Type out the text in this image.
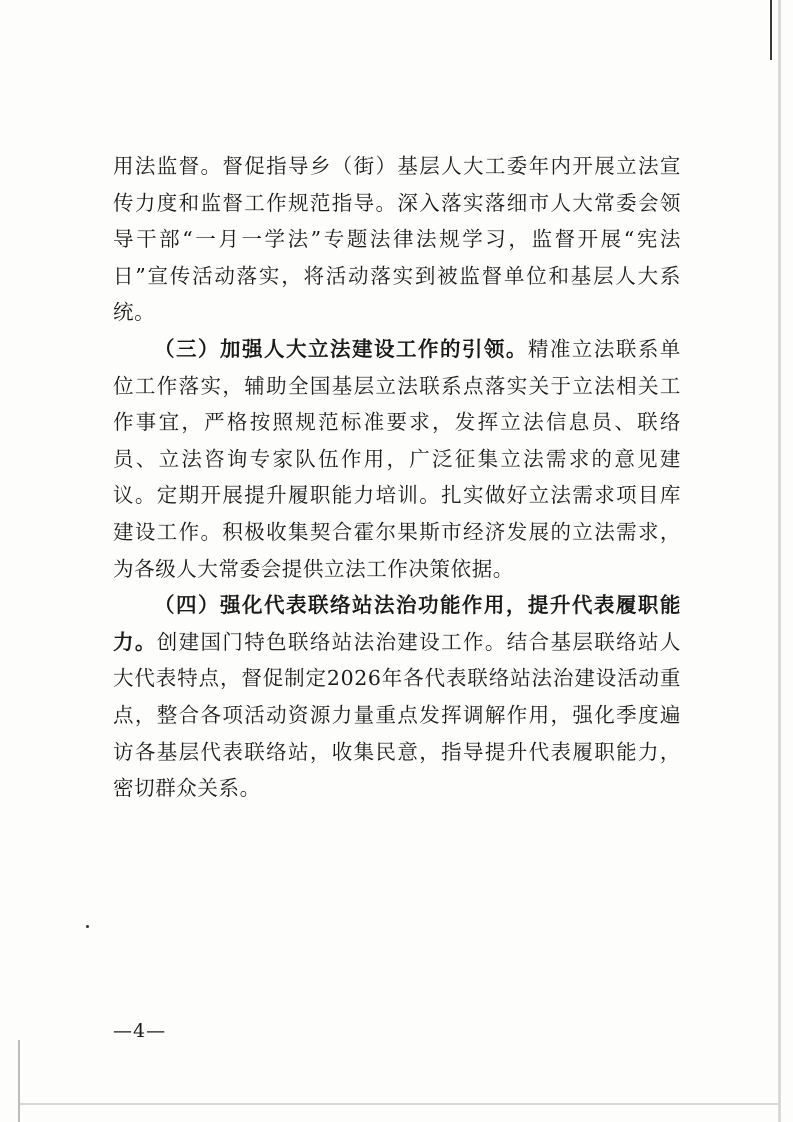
用法监督。督促指导乡（街）基层人大工委年内开展立法宣传力度和监督工作规范指导。深入落实落细市人大常委会领导干部“一月一学法”专题法律法规学习，监督开展“宪法日”宣传活动落实，将活动落实到被监督单位和基层人大系统。

（三）加强人大立法建设工作的引领。精准立法联系单位工作落实，辅助全国基层立法联系点落实关于立法相关工作事宜，严格按照规范标准要求，发挥立法信息员、联络员、立法咨询专家队伍作用，广泛征集立法需求的意见建议。定期开展提升履职能力培训。扎实做好立法需求项目库建设工作。积极收集契合霍尔果斯市经济发展的立法需求，为各级人大常委会提供立法工作决策依据。

（四）强化代表联络站法治功能作用，提升代表履职能力。创建国门特色联络站法治建设工作。结合基层联络站人大代表特点，督促制定2026年各代表联络站法治建设活动重点，整合各项活动资源力量重点发挥调解作用，强化季度遍访各基层代表联络站，收集民意，指导提升代表履职能力，密切群众关系。

—4—
